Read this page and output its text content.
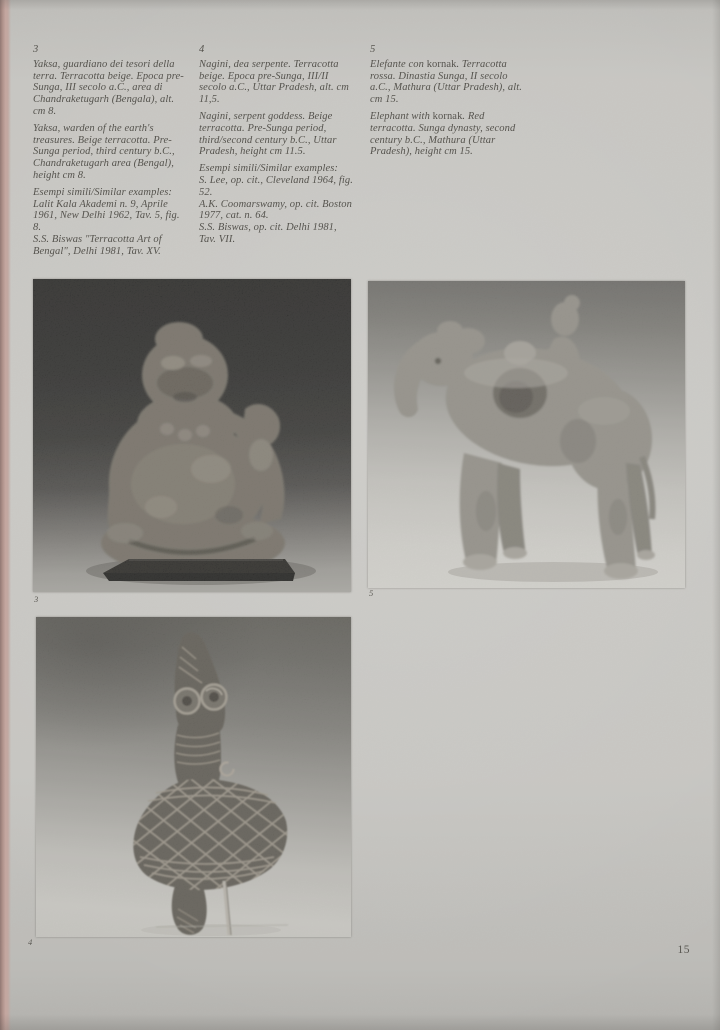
3

Yaksa, guardiano dei tesori della terra. Terracotta beige. Epoca pre-Sunga, III secolo a.C., area di Chandraketugarh (Bengala), alt. cm 8.

Yaksa, warden of the earth's treasures. Beige terracotta. Pre-Sunga period, third century b.C., Chandraketugarh area (Bengal), height cm 8.

Esempi simili/Similar examples:
Lalit Kala Akademi n. 9, Aprile 1961, New Delhi 1962, Tav. 5, fig. 8.
S.S. Biswas "Terracotta Art of Bengal", Delhi 1981, Tav. XV.

4

Nagini, dea serpente. Terracotta beige. Epoca pre-Sunga, III/II secolo a.C., Uttar Pradesh, alt. cm 11,5.

Nagini, serpent goddess. Beige terracotta. Pre-Sunga period, third/second century b.C., Uttar Pradesh, height cm 11.5.

Esempi simili/Similar examples:
S. Lee, op. cit., Cleveland 1964, fig. 52.
A.K. Coomarswamy, op. cit. Boston 1977, cat. n. 64.
S.S. Biswas, op. cit. Delhi 1981, Tav. VII.

5

Elefante con kornak. Terracotta rossa. Dinastia Sunga, II secolo a.C., Mathura (Uttar Pradesh), alt. cm 15.

Elephant with kornak. Red terracotta. Sunga dynasty, second century b.C., Mathura (Uttar Pradesh), height cm 15.

3
5
4
15
